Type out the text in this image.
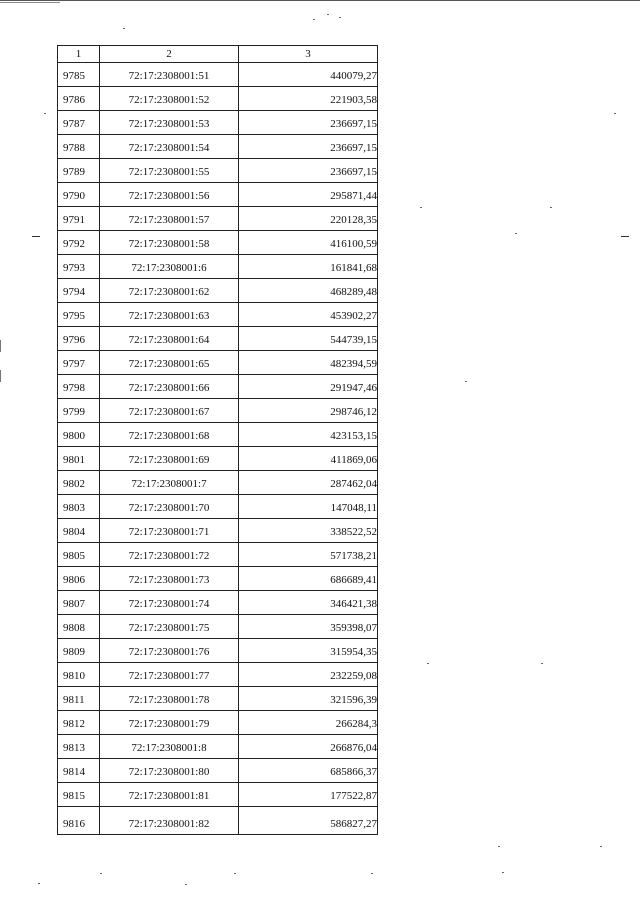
1	2	3
9785	72:17:2308001:51	440079,27
9786	72:17:2308001:52	221903,58
9787	72:17:2308001:53	236697,15
9788	72:17:2308001:54	236697,15
9789	72:17:2308001:55	236697,15
9790	72:17:2308001:56	295871,44
9791	72:17:2308001:57	220128,35
9792	72:17:2308001:58	416100,59
9793	72:17:2308001:6	161841,68
9794	72:17:2308001:62	468289,48
9795	72:17:2308001:63	453902,27
9796	72:17:2308001:64	544739,15
9797	72:17:2308001:65	482394,59
9798	72:17:2308001:66	291947,46
9799	72:17:2308001:67	298746,12
9800	72:17:2308001:68	423153,15
9801	72:17:2308001:69	411869,06
9802	72:17:2308001:7	287462,04
9803	72:17:2308001:70	147048,11
9804	72:17:2308001:71	338522,52
9805	72:17:2308001:72	571738,21
9806	72:17:2308001:73	686689,41
9807	72:17:2308001:74	346421,38
9808	72:17:2308001:75	359398,07
9809	72:17:2308001:76	315954,35
9810	72:17:2308001:77	232259,08
9811	72:17:2308001:78	321596,39
9812	72:17:2308001:79	266284,3
9813	72:17:2308001:8	266876,04
9814	72:17:2308001:80	685866,37
9815	72:17:2308001:81	177522,87
9816	72:17:2308001:82	586827,27
